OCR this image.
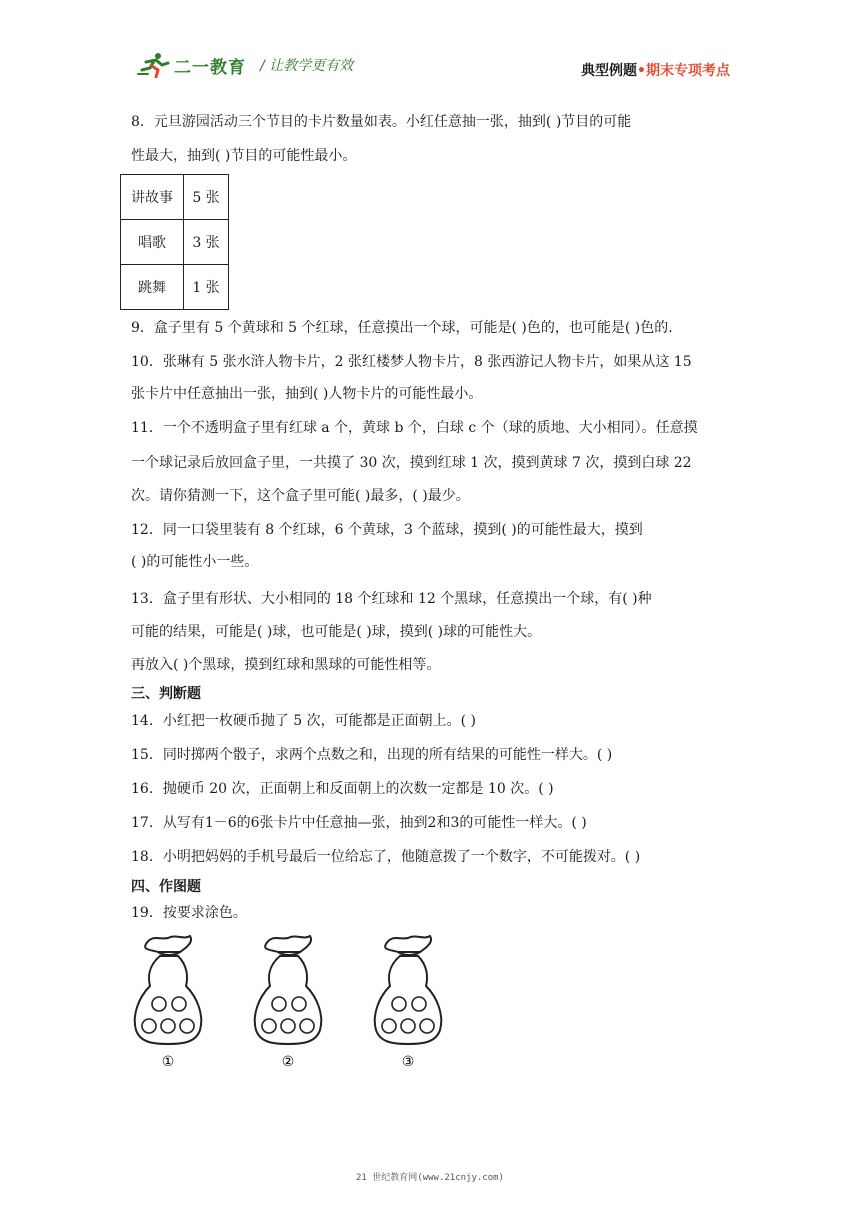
二一教育 / 让教学更有效	典型例题•期末专项考点
8．元旦游园活动三个节目的卡片数量如表。小红任意抽一张，抽到( )节目的可能
性最大，抽到( )节目的可能性最小。
讲故事	5 张
唱歌	3 张
跳舞	1 张
9．盒子里有 5 个黄球和 5 个红球，任意摸出一个球，可能是( )色的，也可能是( )色的.
10．张琳有 5 张水浒人物卡片，2 张红楼梦人物卡片，8 张西游记人物卡片，如果从这 15
张卡片中任意抽出一张，抽到( )人物卡片的可能性最小。
11．一个不透明盒子里有红球 a 个，黄球 b 个，白球 c 个（球的质地、大小相同）。任意摸
一个球记录后放回盒子里，一共摸了 30 次，摸到红球 1 次，摸到黄球 7 次，摸到白球 22
次。请你猜测一下，这个盒子里可能( )最多，( )最少。
12．同一口袋里装有 8 个红球，6 个黄球，3 个蓝球，摸到( )的可能性最大，摸到
( )的可能性小一些。
13．盒子里有形状、大小相同的 18 个红球和 12 个黑球，任意摸出一个球，有( )种
可能的结果，可能是( )球，也可能是( )球，摸到( )球的可能性大。
再放入( )个黑球，摸到红球和黑球的可能性相等。
三、判断题
14．小红把一枚硬币抛了 5 次，可能都是正面朝上。( )
15．同时掷两个骰子，求两个点数之和，出现的所有结果的可能性一样大。( )
16．抛硬币 20 次，正面朝上和反面朝上的次数一定都是 10 次。( )
17．从写有1－6的6张卡片中任意抽—张，抽到2和3的可能性一样大。( )
18．小明把妈妈的手机号最后一位给忘了，他随意拨了一个数字，不可能拨对。( )
四、作图题
19．按要求涂色。
①	②	③
21 世纪教育网(www.21cnjy.com)
